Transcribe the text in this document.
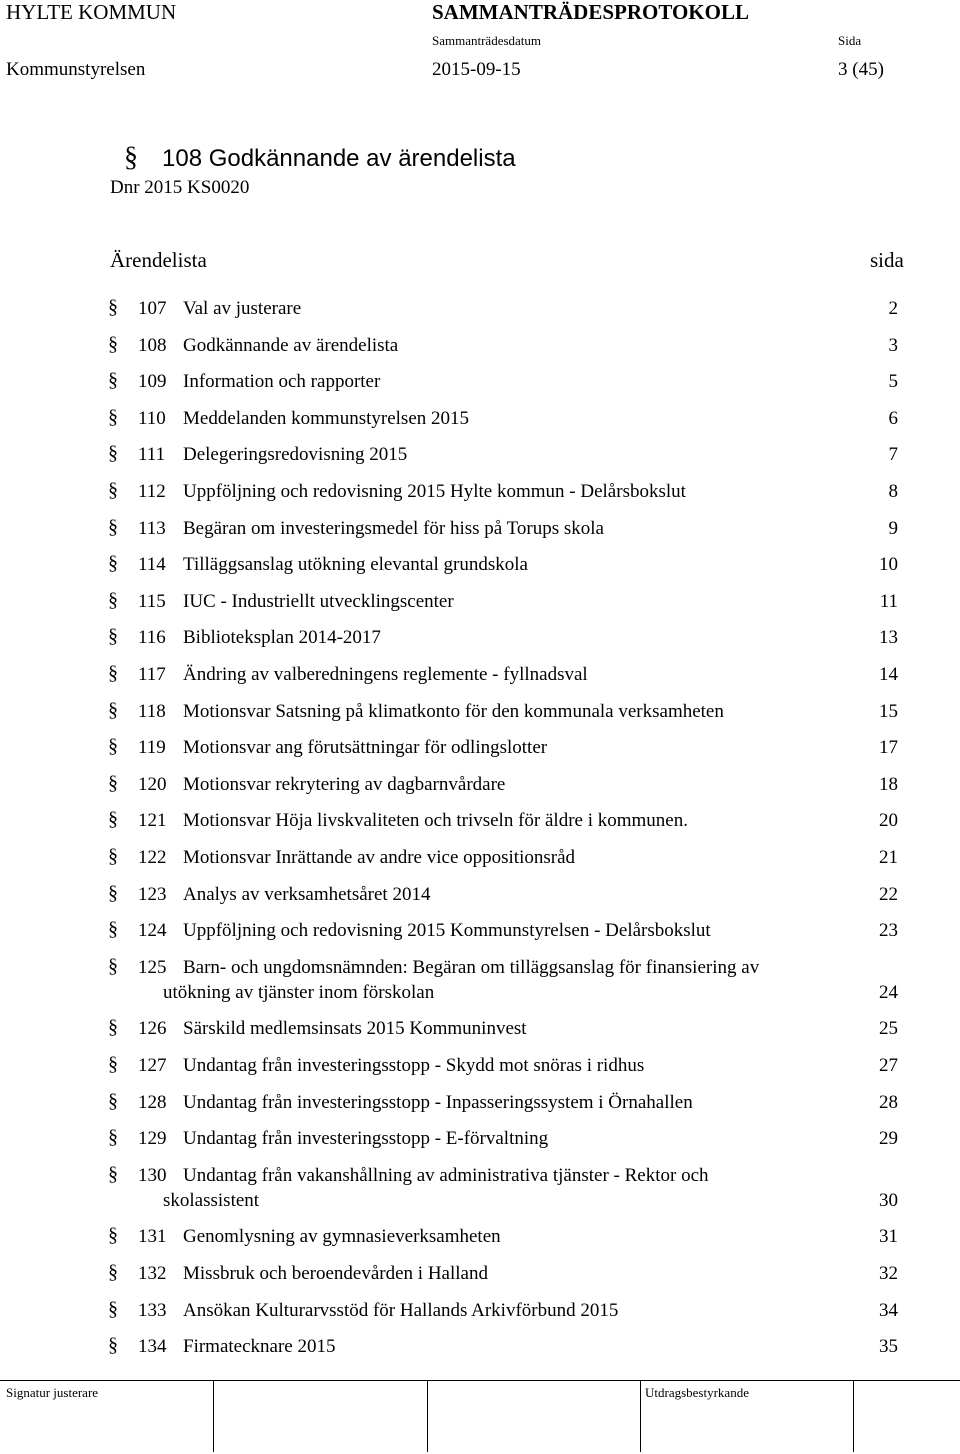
HYLTE KOMMUN	SAMMANTRÄDESPROTOKOLL
Sammanträdesdatum	Sida
Kommunstyrelsen	2015-09-15	3 (45)
§ 108 Godkännande av ärendelista
Dnr 2015 KS0020
Ärendelista	sida
§ 107 Val av justerare	2
§ 108 Godkännande av ärendelista	3
§ 109 Information och rapporter	5
§ 110 Meddelanden kommunstyrelsen 2015	6
§ 111 Delegeringsredovisning 2015	7
§ 112 Uppföljning och redovisning 2015 Hylte kommun - Delårsbokslut	8
§ 113 Begäran om investeringsmedel för hiss på Torups skola	9
§ 114 Tilläggsanslag utökning elevantal grundskola	10
§ 115 IUC - Industriellt utvecklingscenter	11
§ 116 Biblioteksplan 2014-2017	13
§ 117 Ändring av valberedningens reglemente - fyllnadsval	14
§ 118 Motionsvar Satsning på klimatkonto för den kommunala verksamheten	15
§ 119 Motionsvar ang förutsättningar för odlingslotter	17
§ 120 Motionsvar rekrytering av dagbarnvårdare	18
§ 121 Motionsvar Höja livskvaliteten och trivseln för äldre i kommunen.	20
§ 122 Motionsvar Inrättande av andre vice oppositionsråd	21
§ 123 Analys av verksamhetsåret 2014	22
§ 124 Uppföljning och redovisning 2015 Kommunstyrelsen - Delårsbokslut	23
§ 125 Barn- och ungdomsnämnden: Begäran om tilläggsanslag för finansiering av
utökning av tjänster inom förskolan	24
§ 126 Särskild medlemsinsats 2015 Kommuninvest	25
§ 127 Undantag från investeringsstopp - Skydd mot snöras i ridhus	27
§ 128 Undantag från investeringsstopp - Inpasseringssystem i Örnahallen	28
§ 129 Undantag från investeringsstopp - E-förvaltning	29
§ 130 Undantag från vakanshållning av administrativa tjänster - Rektor och
skolassistent	30
§ 131 Genomlysning av gymnasieverksamheten	31
§ 132 Missbruk och beroendevården i Halland	32
§ 133 Ansökan Kulturarvsstöd för Hallands Arkivförbund 2015	34
§ 134 Firmatecknare 2015	35
Signatur justerare	Utdragsbestyrkande
